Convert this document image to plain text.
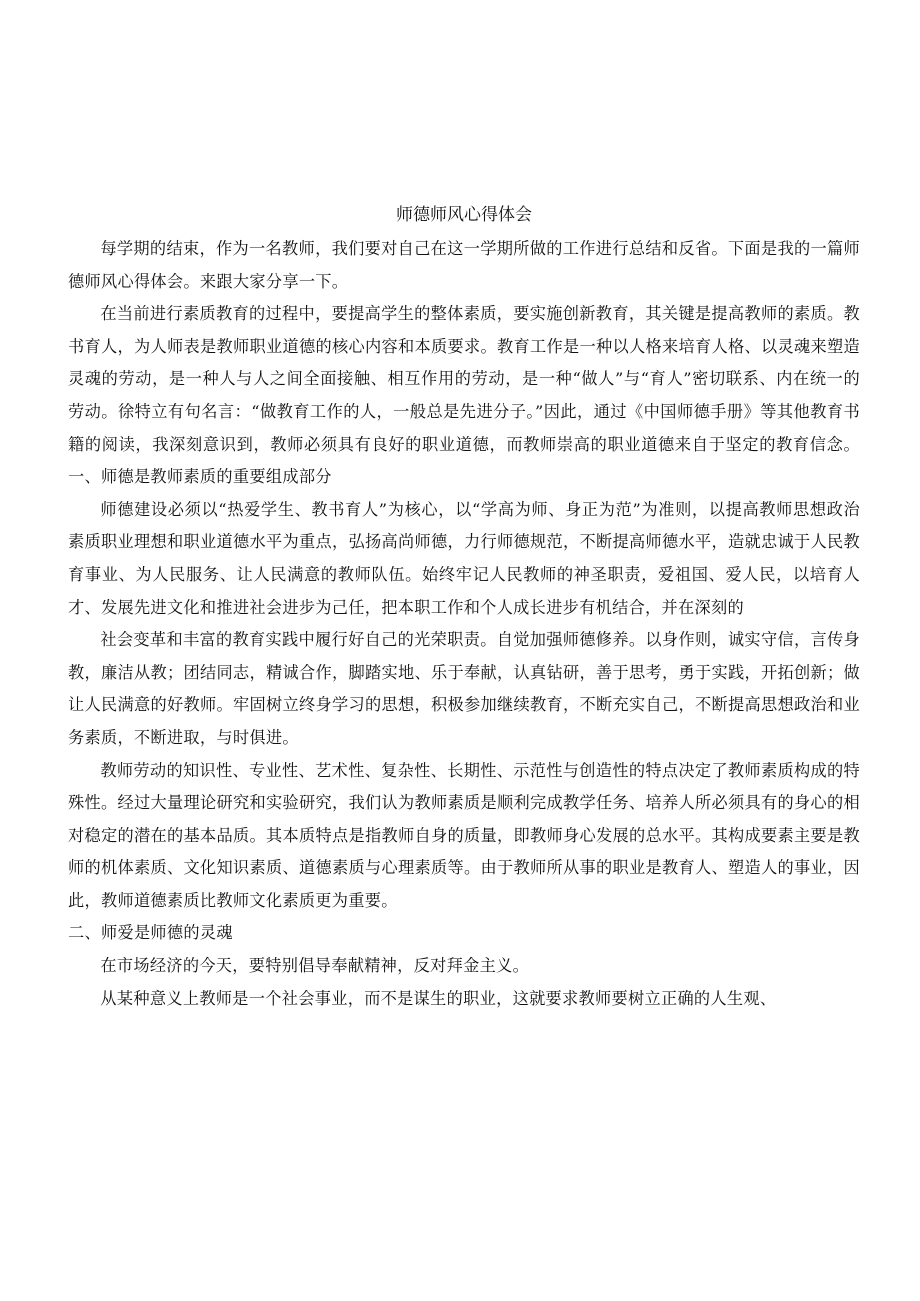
师德师风心得体会

每学期的结束，作为一名教师，我们要对自己在这一学期所做的工作进行总结和反省。下面是我的一篇师德师风心得体会。来跟大家分享一下。

在当前进行素质教育的过程中，要提高学生的整体素质，要实施创新教育，其关键是提高教师的素质。教书育人，为人师表是教师职业道德的核心内容和本质要求。教育工作是一种以人格来培育人格、以灵魂来塑造灵魂的劳动，是一种人与人之间全面接触、相互作用的劳动，是一种“做人”与“育人”密切联系、内在统一的劳动。徐特立有句名言：“做教育工作的人，一般总是先进分子。”因此，通过《中国师德手册》等其他教育书籍的阅读，我深刻意识到，教师必须具有良好的职业道德，而教师崇高的职业道德来自于坚定的教育信念。一、师德是教师素质的重要组成部分

师德建设必须以“热爱学生、教书育人”为核心，以“学高为师、身正为范”为准则，以提高教师思想政治素质职业理想和职业道德水平为重点，弘扬高尚师德，力行师德规范，不断提高师德水平，造就忠诚于人民教育事业、为人民服务、让人民满意的教师队伍。始终牢记人民教师的神圣职责，爱祖国、爱人民，以培育人才、发展先进文化和推进社会进步为己任，把本职工作和个人成长进步有机结合，并在深刻的

社会变革和丰富的教育实践中履行好自己的光荣职责。自觉加强师德修养。以身作则，诚实守信，言传身教，廉洁从教；团结同志，精诚合作，脚踏实地、乐于奉献，认真钻研，善于思考，勇于实践，开拓创新；做让人民满意的好教师。牢固树立终身学习的思想，积极参加继续教育，不断充实自己，不断提高思想政治和业务素质，不断进取，与时俱进。

教师劳动的知识性、专业性、艺术性、复杂性、长期性、示范性与创造性的特点决定了教师素质构成的特殊性。经过大量理论研究和实验研究，我们认为教师素质是顺利完成教学任务、培养人所必须具有的身心的相对稳定的潜在的基本品质。其本质特点是指教师自身的质量，即教师身心发展的总水平。其构成要素主要是教师的机体素质、文化知识素质、道德素质与心理素质等。由于教师所从事的职业是教育人、塑造人的事业，因此，教师道德素质比教师文化素质更为重要。

二、师爱是师德的灵魂

在市场经济的今天，要特别倡导奉献精神，反对拜金主义。

从某种意义上教师是一个社会事业，而不是谋生的职业，这就要求教师要树立正确的人生观、
